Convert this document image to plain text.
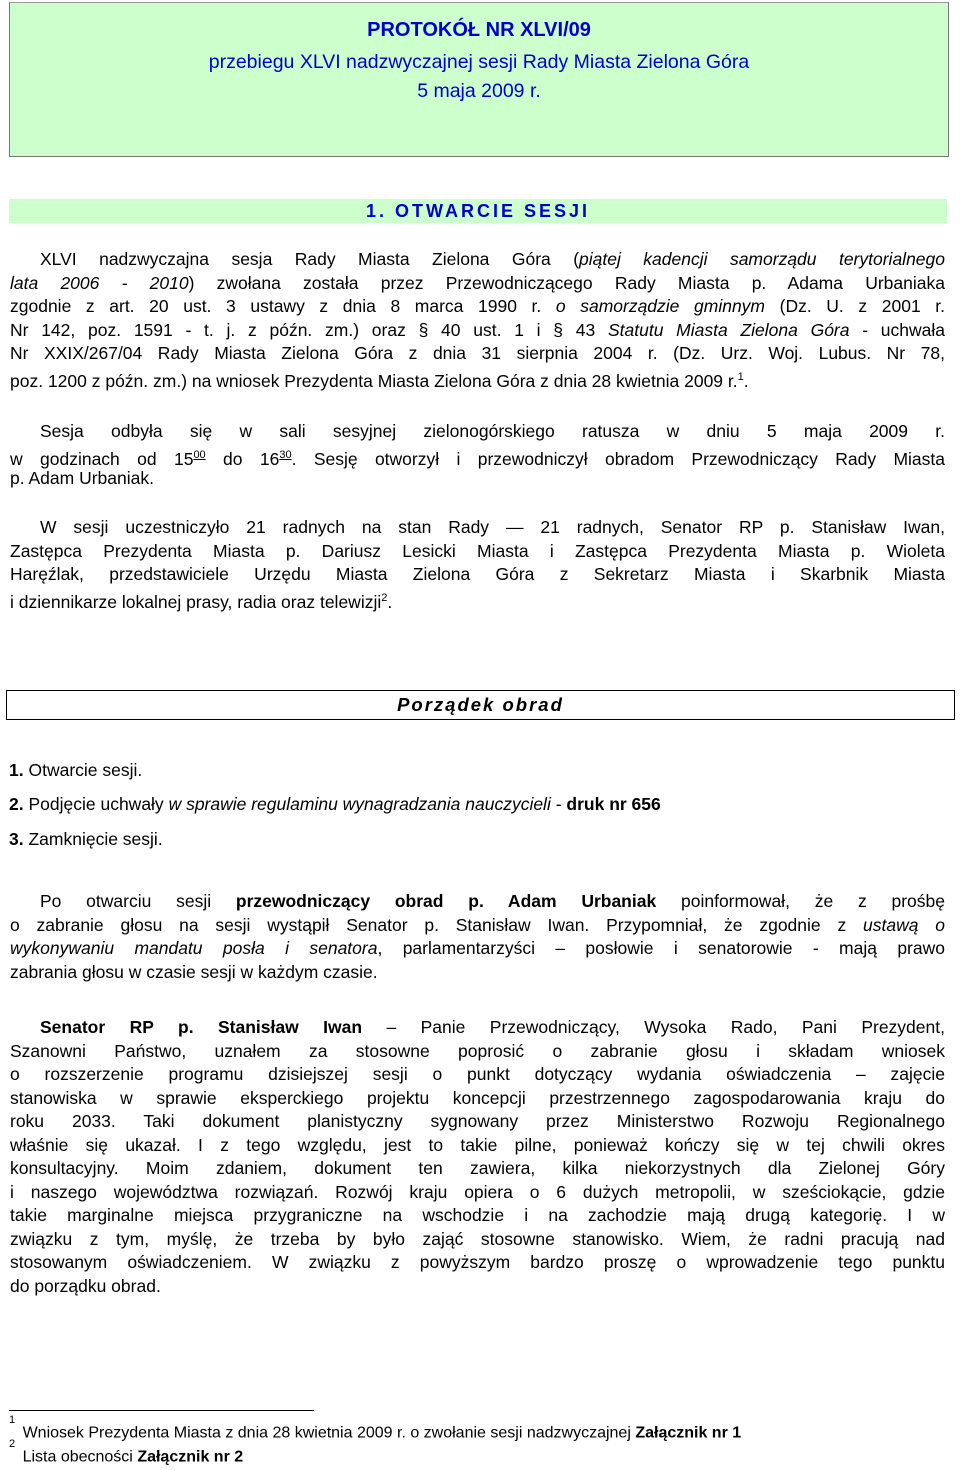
PROTOKÓŁ NR XLVI/09
przebiegu XLVI nadzwyczajnej sesji Rady Miasta Zielona Góra
5 maja 2009 r.
1. OTWARCIE SESJI
XLVI nadzwyczajna sesja Rady Miasta Zielona Góra (piątej kadencji samorządu terytorialnego
lata 2006 - 2010) zwołana została przez Przewodniczącego Rady Miasta p. Adama Urbaniaka
zgodnie z art. 20 ust. 3 ustawy z dnia 8 marca 1990 r. o samorządzie gminnym (Dz. U. z 2001 r.
Nr 142, poz. 1591 - t. j. z późn. zm.) oraz § 40 ust. 1 i § 43 Statutu Miasta Zielona Góra - uchwała
Nr XXIX/267/04 Rady Miasta Zielona Góra z dnia 31 sierpnia 2004 r. (Dz. Urz. Woj. Lubus. Nr 78,
poz. 1200 z późn. zm.) na wniosek Prezydenta Miasta Zielona Góra z dnia 28 kwietnia 2009 r.$^1$.
Sesja odbyła się w sali sesyjnej zielonogórskiego ratusza w dniu 5 maja 2009 r.
w godzinach od $15^{00}$ do $16^{30}$. Sesję otworzył i przewodniczył obradom Przewodniczący Rady Miasta
p. Adam Urbaniak.
W sesji uczestniczyło 21 radnych na stan Rady — 21 radnych, Senator RP p. Stanisław Iwan,
Zastępca Prezydenta Miasta p. Dariusz Lesicki Miasta i Zastępca Prezydenta Miasta p. Wioleta
Haręźlak, przedstawiciele Urzędu Miasta Zielona Góra z Sekretarz Miasta i Skarbnik Miasta
i dziennikarze lokalnej prasy, radia oraz telewizji$^2$.
Porządek obrad
1. Otwarcie sesji.
2. Podjęcie uchwały w sprawie regulaminu wynagradzania nauczycieli - druk nr 656
3. Zamknięcie sesji.
Po otwarciu sesji przewodniczący obrad p. Adam Urbaniak poinformował, że z prośbę
o zabranie głosu na sesji wystąpił Senator p. Stanisław Iwan. Przypomniał, że zgodnie z ustawą o
wykonywaniu mandatu posła i senatora, parlamentarzyści – posłowie i senatorowie - mają prawo
zabrania głosu w czasie sesji w każdym czasie.
Senator RP p. Stanisław Iwan – Panie Przewodniczący, Wysoka Rado, Pani Prezydent,
Szanowni Państwo, uznałem za stosowne poprosić o zabranie głosu i składam wniosek
o rozszerzenie programu dzisiejszej sesji o punkt dotyczący wydania oświadczenia – zajęcie
stanowiska w sprawie eksperckiego projektu koncepcji przestrzennego zagospodarowania kraju do
roku 2033. Taki dokument planistyczny sygnowany przez Ministerstwo Rozwoju Regionalnego
właśnie się ukazał. I z tego względu, jest to takie pilne, ponieważ kończy się w tej chwili okres
konsultacyjny. Moim zdaniem, dokument ten zawiera, kilka niekorzystnych dla Zielonej Góry
i naszego województwa rozwiązań. Rozwój kraju opiera o 6 dużych metropolii, w sześciokącie, gdzie
takie marginalne miejsca przygraniczne na wschodzie i na zachodzie mają drugą kategorię. I w
związku z tym, myślę, że trzeba by było zająć stosowne stanowisko. Wiem, że radni pracują nad
stosowanym oświadczeniem. W związku z powyższym bardzo proszę o wprowadzenie tego punktu
do porządku obrad.
$^1$ Wniosek Prezydenta Miasta z dnia 28 kwietnia 2009 r. o zwołanie sesji nadzwyczajnej Załącznik nr 1
$^2$ Lista obecności Załącznik nr 2
